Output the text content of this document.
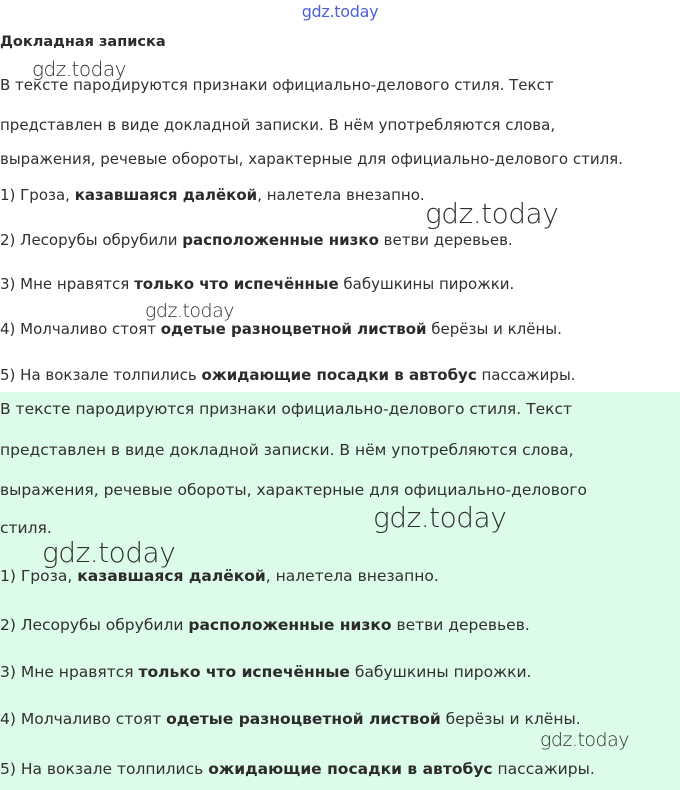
gdz.today
Докладная записка

В тексте пародируются признаки официально-делового стиля. Текст

представлен в виде докладной записки. В нём употребляются слова,

выражения, речевые обороты, характерные для официально-делового стиля.

1) Гроза, казавшаяся далёкой, налетела внезапно.

2) Лесорубы обрубили расположенные низко ветви деревьев.

3) Мне нравятся только что испечённые бабушкины пирожки.

4) Молчаливо стоят одетые разноцветной листвой берёзы и клёны.

5) На вокзале толпились ожидающие посадки в автобус пассажиры.

В тексте пародируются признаки официально-делового стиля. Текст

представлен в виде докладной записки. В нём употребляются слова,

выражения, речевые обороты, характерные для официально-делового

стиля.

1) Гроза, казавшаяся далёкой, налетела внезапно.

2) Лесорубы обрубили расположенные низко ветви деревьев.

3) Мне нравятся только что испечённые бабушкины пирожки.

4) Молчаливо стоят одетые разноцветной листвой берёзы и клёны.

5) На вокзале толпились ожидающие посадки в автобус пассажиры.

gdz.today
gdz.today
gdz.today
gdz.today
gdz.today
gdz.today
